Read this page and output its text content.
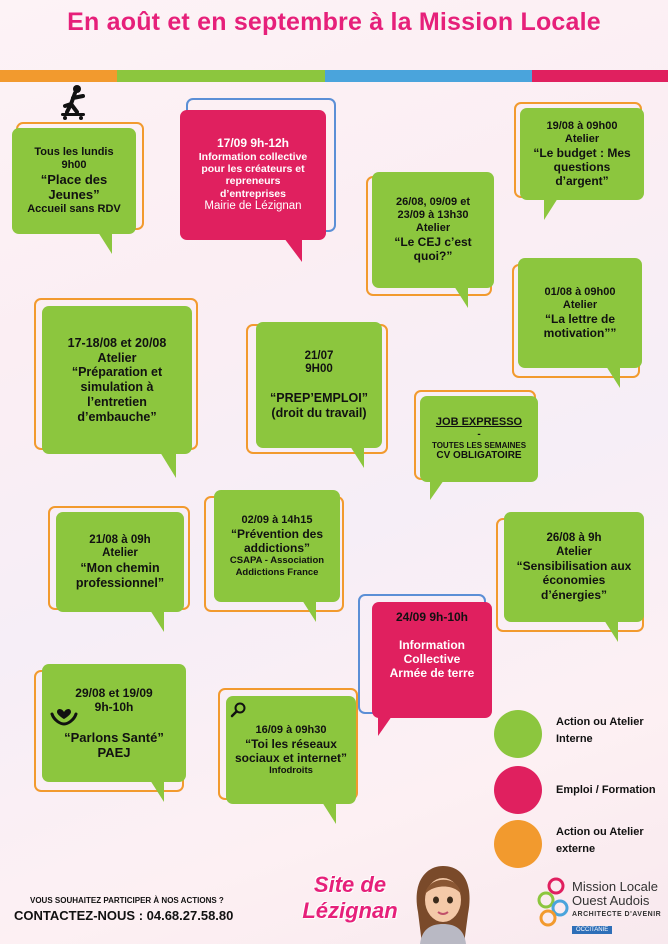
En août et en septembre à la Mission Locale
Tous les lundis
9h00
“Place des
Jeunes”
Accueil sans RDV
17/09 9h-12h
Information collective
pour les créateurs et
repreneurs
d’entreprises
Mairie de Lézignan
19/08 à 09h00
Atelier
“Le budget : Mes
questions d’argent”
26/08, 09/09 et
23/09 à 13h30
Atelier
“Le CEJ c’est
quoi?”
01/08 à 09h00
Atelier
“La lettre de
motivation””
17-18/08 et 20/08
Atelier
“Préparation et
simulation à
l’entretien
d’embauche”
21/07
9H00
“PREP’EMPLOI”
(droit du travail)
JOB EXPRESSO
-
TOUTES LES SEMAINES
CV OBLIGATOIRE
21/08 à 09h
Atelier
“Mon chemin
professionnel”
02/09 à 14h15
“Prévention des
addictions”
CSAPA - Association
Addictions France
26/08 à 9h
Atelier
“Sensibilisation aux
économies
d’énergies”
24/09 9h-10h
Information
Collective
Armée de terre
29/08 et 19/09
9h-10h
“Parlons Santé”
PAEJ
16/09 à 09h30
“Toi les réseaux
sociaux et internet”
Infodroits
Action ou Atelier
Interne
Emploi / Formation
Action ou Atelier
externe
VOUS SOUHAITEZ PARTICIPER À NOS ACTIONS ?
CONTACTEZ-NOUS : 04.68.27.58.80
Site de
Lézignan
Mission Locale
Ouest Audois
ARCHITECTE D'AVENIR
OCCITANIE
